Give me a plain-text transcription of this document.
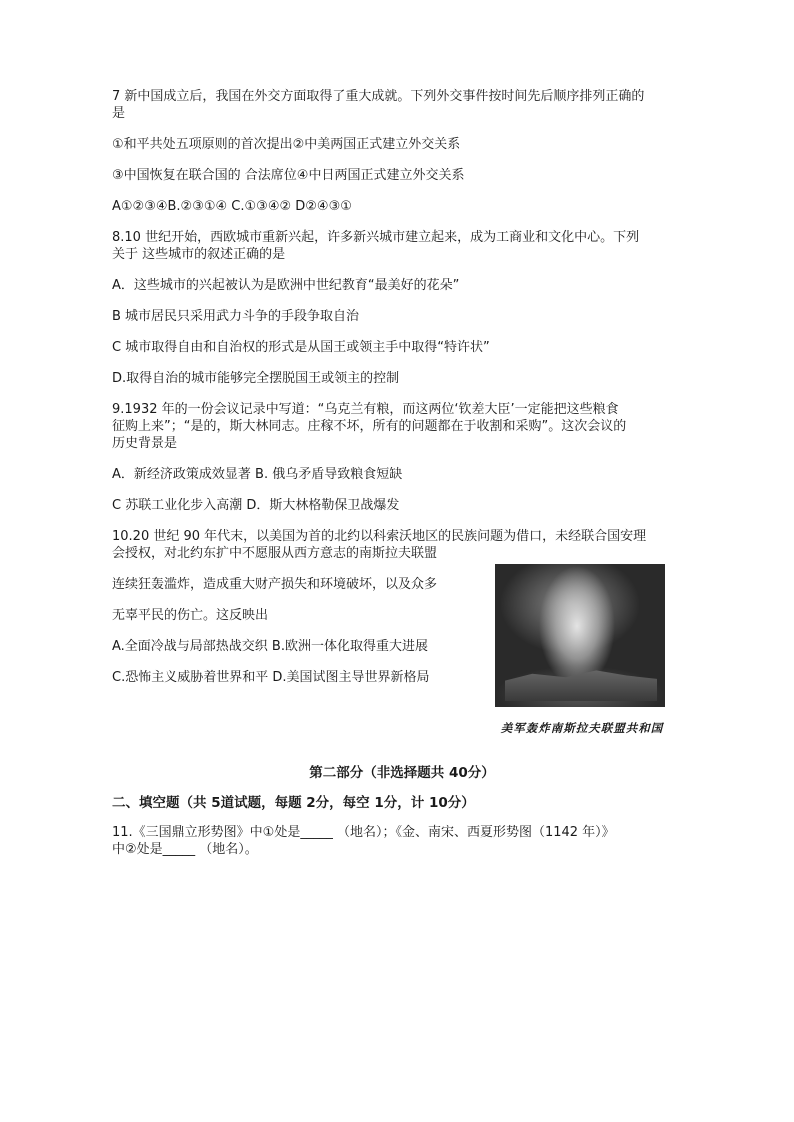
7 新中国成立后，我国在外交方面取得了重大成就。下列外交事件按时间先后顺序排列正确的

是

①和平共处五项原则的首次提出②中美两国正式建立外交关系

③中国恢复在联合国的 合法席位④中日两国正式建立外交关系

A①②③④B.②③①④ C.①③④② D②④③①

8.10 世纪开始，西欧城市重新兴起，许多新兴城市建立起来，成为工商业和文化中心。下列

关于 这些城市的叙述正确的是

A．这些城市的兴起被认为是欧洲中世纪教育“最美好的花朵”

B 城市居民只采用武力斗争的手段争取自治

C 城市取得自由和自治权的形式是从国王或领主手中取得“特许状”

D.取得自治的城市能够完全摆脱国王或领主的控制

9.1932 年的一份会议记录中写道：“乌克兰有粮，而这两位‘钦差大臣’一定能把这些粮食

征购上来”；“是的，斯大林同志。庄稼不坏，所有的问题都在于收割和采购”。这次会议的

历史背景是

A．新经济政策成效显著 B. 俄乌矛盾导致粮食短缺

C 苏联工业化步入高潮 D．斯大林格勒保卫战爆发

10.20 世纪 90 年代末，以美国为首的北约以科索沃地区的民族问题为借口，未经联合国安理

会授权，对北约东扩中不愿服从西方意志的南斯拉夫联盟

连续狂轰滥炸，造成重大财产损失和环境破坏，以及众多

无辜平民的伤亡。这反映出

A.全面冷战与局部热战交织 B.欧洲一体化取得重大进展

C.恐怖主义威胁着世界和平 D.美国试图主导世界新格局

第二部分（非选择题共 40分）

二、填空题（共 5道试题，每题 2分，每空 1分，计 10分）

11.《三国鼎立形势图》中①处是_____ （地名）；《金、南宋、西夏形势图（1142 年）》

中②处是_____ （地名）。

美军轰炸南斯拉夫联盟共和国
